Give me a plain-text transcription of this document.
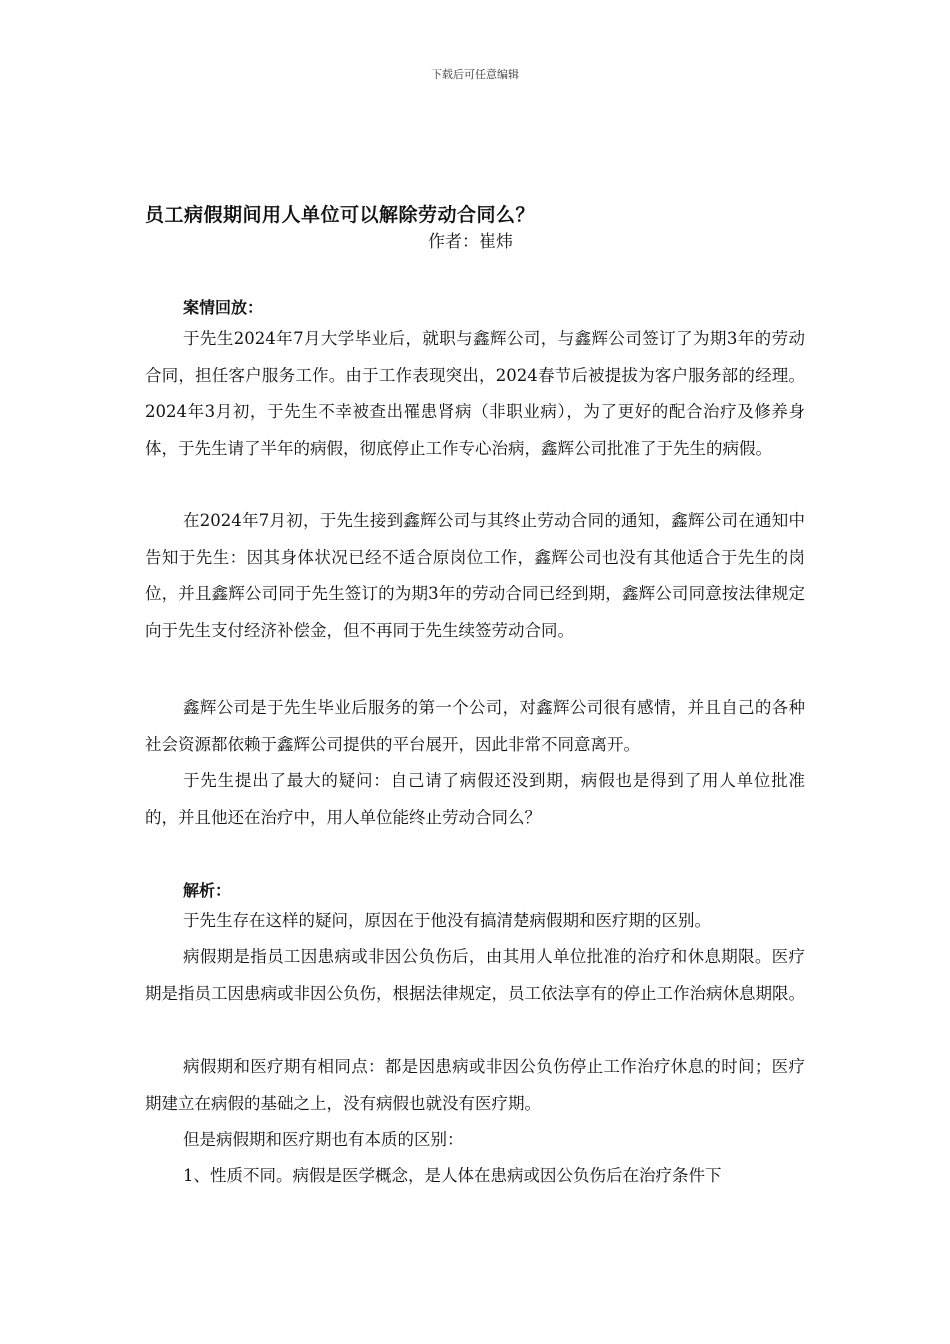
下载后可任意编辑
员工病假期间用人单位可以解除劳动合同么？
作者：崔炜
案情回放：
于先生2024年7月大学毕业后，就职与鑫辉公司，与鑫辉公司签订了为期3年的劳动合同，担任客户服务工作。由于工作表现突出，2024春节后被提拔为客户服务部的经理。2024年3月初，于先生不幸被查出罹患肾病（非职业病），为了更好的配合治疗及修养身体，于先生请了半年的病假，彻底停止工作专心治病，鑫辉公司批准了于先生的病假。
在2024年7月初，于先生接到鑫辉公司与其终止劳动合同的通知，鑫辉公司在通知中告知于先生：因其身体状况已经不适合原岗位工作，鑫辉公司也没有其他适合于先生的岗位，并且鑫辉公司同于先生签订的为期3年的劳动合同已经到期，鑫辉公司同意按法律规定向于先生支付经济补偿金，但不再同于先生续签劳动合同。
鑫辉公司是于先生毕业后服务的第一个公司，对鑫辉公司很有感情，并且自己的各种社会资源都依赖于鑫辉公司提供的平台展开，因此非常不同意离开。
于先生提出了最大的疑问：自己请了病假还没到期，病假也是得到了用人单位批准的，并且他还在治疗中，用人单位能终止劳动合同么？
解析：
于先生存在这样的疑问，原因在于他没有搞清楚病假期和医疗期的区别。
病假期是指员工因患病或非因公负伤后，由其用人单位批准的治疗和休息期限。医疗期是指员工因患病或非因公负伤，根据法律规定，员工依法享有的停止工作治病休息期限。
病假期和医疗期有相同点：都是因患病或非因公负伤停止工作治疗休息的时间；医疗期建立在病假的基础之上，没有病假也就没有医疗期。
但是病假期和医疗期也有本质的区别：
1、性质不同。病假是医学概念，是人体在患病或因公负伤后在治疗条件下
